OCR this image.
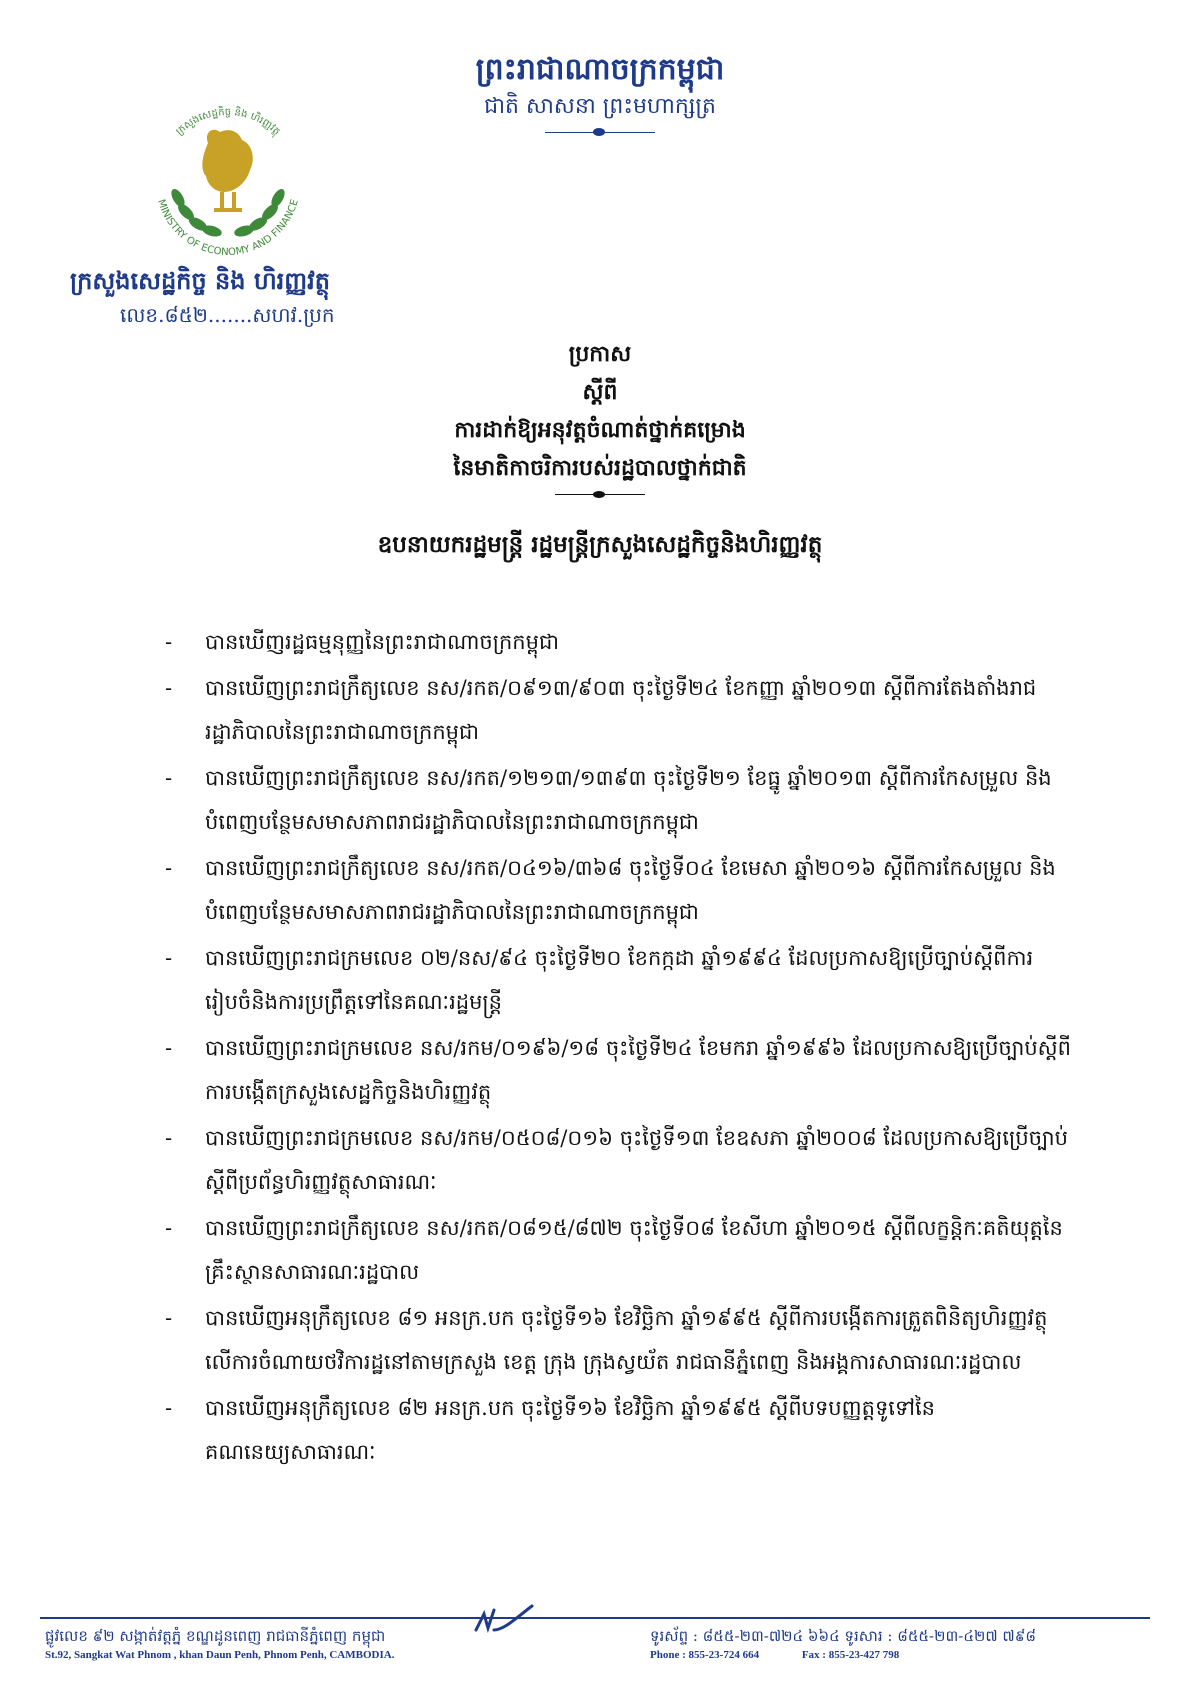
ព្រះរាជាណាចក្រកម្ពុជា
ជាតិ សាសនា ព្រះមហាក្សត្រ
ក្រសួងសេដ្ឋកិច្ច និង ហិរញ្ញវត្ថុ
MINISTRY OF ECONOMY AND FINANCE
ក្រសួងសេដ្ឋកិច្ច និង ហិរញ្ញវត្ថុ
លេខ.៨៥២.......សហវ.ប្រក
ប្រកាស
ស្តីពី
ការដាក់ឱ្យអនុវត្តចំណាត់ថ្នាក់គម្រោង
នៃមាតិកាចរិការបស់រដ្ឋបាលថ្នាក់ជាតិ
ឧបនាយករដ្ឋមន្ត្រី រដ្ឋមន្ត្រីក្រសួងសេដ្ឋកិច្ចនិងហិរញ្ញវត្ថុ
- បានឃើញរដ្ឋធម្មនុញ្ញនៃព្រះរាជាណាចក្រកម្ពុជា
- បានឃើញព្រះរាជក្រឹត្យលេខ នស/រកត/០៩១៣/៩០៣ ចុះថ្ងៃទី២៤ ខែកញ្ញា ឆ្នាំ២០១៣ ស្តីពីការតែងតាំងរាជរដ្ឋាភិបាលនៃព្រះរាជាណាចក្រកម្ពុជា
- បានឃើញព្រះរាជក្រឹត្យលេខ នស/រកត/១២១៣/១៣៩៣ ចុះថ្ងៃទី២១ ខែធ្នូ ឆ្នាំ២០១៣ ស្តីពីការកែសម្រួល និងបំពេញបន្ថែមសមាសភាពរាជរដ្ឋាភិបាលនៃព្រះរាជាណាចក្រកម្ពុជា
- បានឃើញព្រះរាជក្រឹត្យលេខ នស/រកត/០៤១៦/៣៦៨ ចុះថ្ងៃទី០៤ ខែមេសា ឆ្នាំ២០១៦ ស្តីពីការកែសម្រួល និងបំពេញបន្ថែមសមាសភាពរាជរដ្ឋាភិបាលនៃព្រះរាជាណាចក្រកម្ពុជា
- បានឃើញព្រះរាជក្រមលេខ ០២/នស/៩៤ ចុះថ្ងៃទី២០ ខែកក្កដា ឆ្នាំ១៩៩៤ ដែលប្រកាសឱ្យប្រើច្បាប់ស្តីពីការរៀបចំនិងការប្រព្រឹត្តទៅនៃគណៈរដ្ឋមន្ត្រី
- បានឃើញព្រះរាជក្រមលេខ នស/រកម/០១៩៦/១៨ ចុះថ្ងៃទី២៤ ខែមករា ឆ្នាំ១៩៩៦ ដែលប្រកាសឱ្យប្រើច្បាប់ស្តីពីការបង្កើតក្រសួងសេដ្ឋកិច្ចនិងហិរញ្ញវត្ថុ
- បានឃើញព្រះរាជក្រមលេខ នស/រកម/០៥០៨/០១៦ ចុះថ្ងៃទី១៣ ខែឧសភា ឆ្នាំ២០០៨ ដែលប្រកាសឱ្យប្រើច្បាប់ស្តីពីប្រព័ន្ធហិរញ្ញវត្ថុសាធារណៈ
- បានឃើញព្រះរាជក្រឹត្យលេខ នស/រកត/០៨១៥/៨៧២ ចុះថ្ងៃទី០៨ ខែសីហា ឆ្នាំ២០១៥ ស្តីពីលក្ខន្តិកៈគតិយុត្តនៃគ្រឹះស្ថានសាធារណៈរដ្ឋបាល
- បានឃើញអនុក្រឹត្យលេខ ៨១ អនក្រ.បក ចុះថ្ងៃទី១៦ ខែវិច្ឆិកា ឆ្នាំ១៩៩៥ ស្តីពីការបង្កើតការត្រួតពិនិត្យហិរញ្ញវត្ថុលើការចំណាយថវិការដ្ឋនៅតាមក្រសួង ខេត្ត ក្រុង ក្រុងស្វយ័ត រាជធានីភ្នំពេញ និងអង្គការសាធារណៈរដ្ឋបាល
- បានឃើញអនុក្រឹត្យលេខ ៨២ អនក្រ.បក ចុះថ្ងៃទី១៦ ខែវិច្ឆិកា ឆ្នាំ១៩៩៥ ស្តីពីបទបញ្ញត្តទូទៅនៃគណនេយ្យសាធារណៈ
ផ្លូវលេខ ៩២ សង្កាត់វត្តភ្នំ ខណ្ឌដូនពេញ រាជធានីភ្នំពេញ កម្ពុជា
St.92, Sangkat Wat Phnom , khan Daun Penh, Phnom Penh, CAMBODIA.
ទូរស័ព្ទ : ៨៥៥-២៣-៧២៤ ៦៦៤ ទូរសារ : ៨៥៥-២៣-៤២៧ ៧៩៨
Phone : 855-23-724 664	Fax : 855-23-427 798
